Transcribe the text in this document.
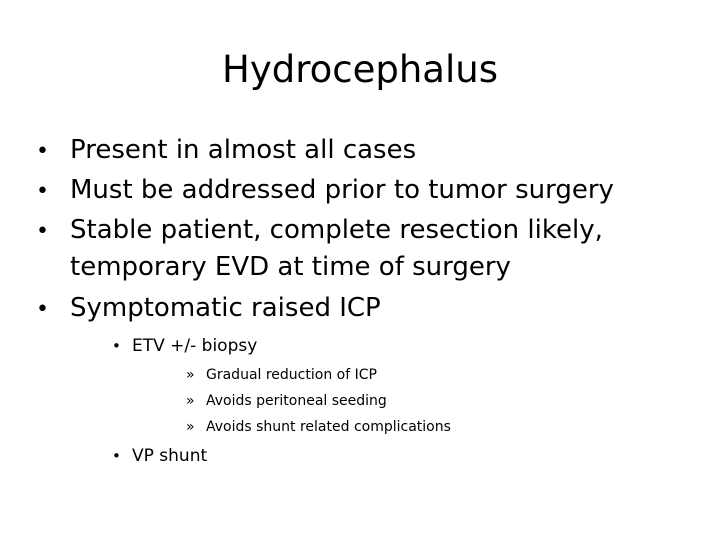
Hydrocephalus
• Present in almost all cases
• Must be addressed prior to tumor surgery
• Stable patient, complete resection likely,
temporary EVD at time of surgery
• Symptomatic raised ICP
• ETV +/- biopsy
» Gradual reduction of ICP
» Avoids peritoneal seeding
» Avoids shunt related complications
• VP shunt
